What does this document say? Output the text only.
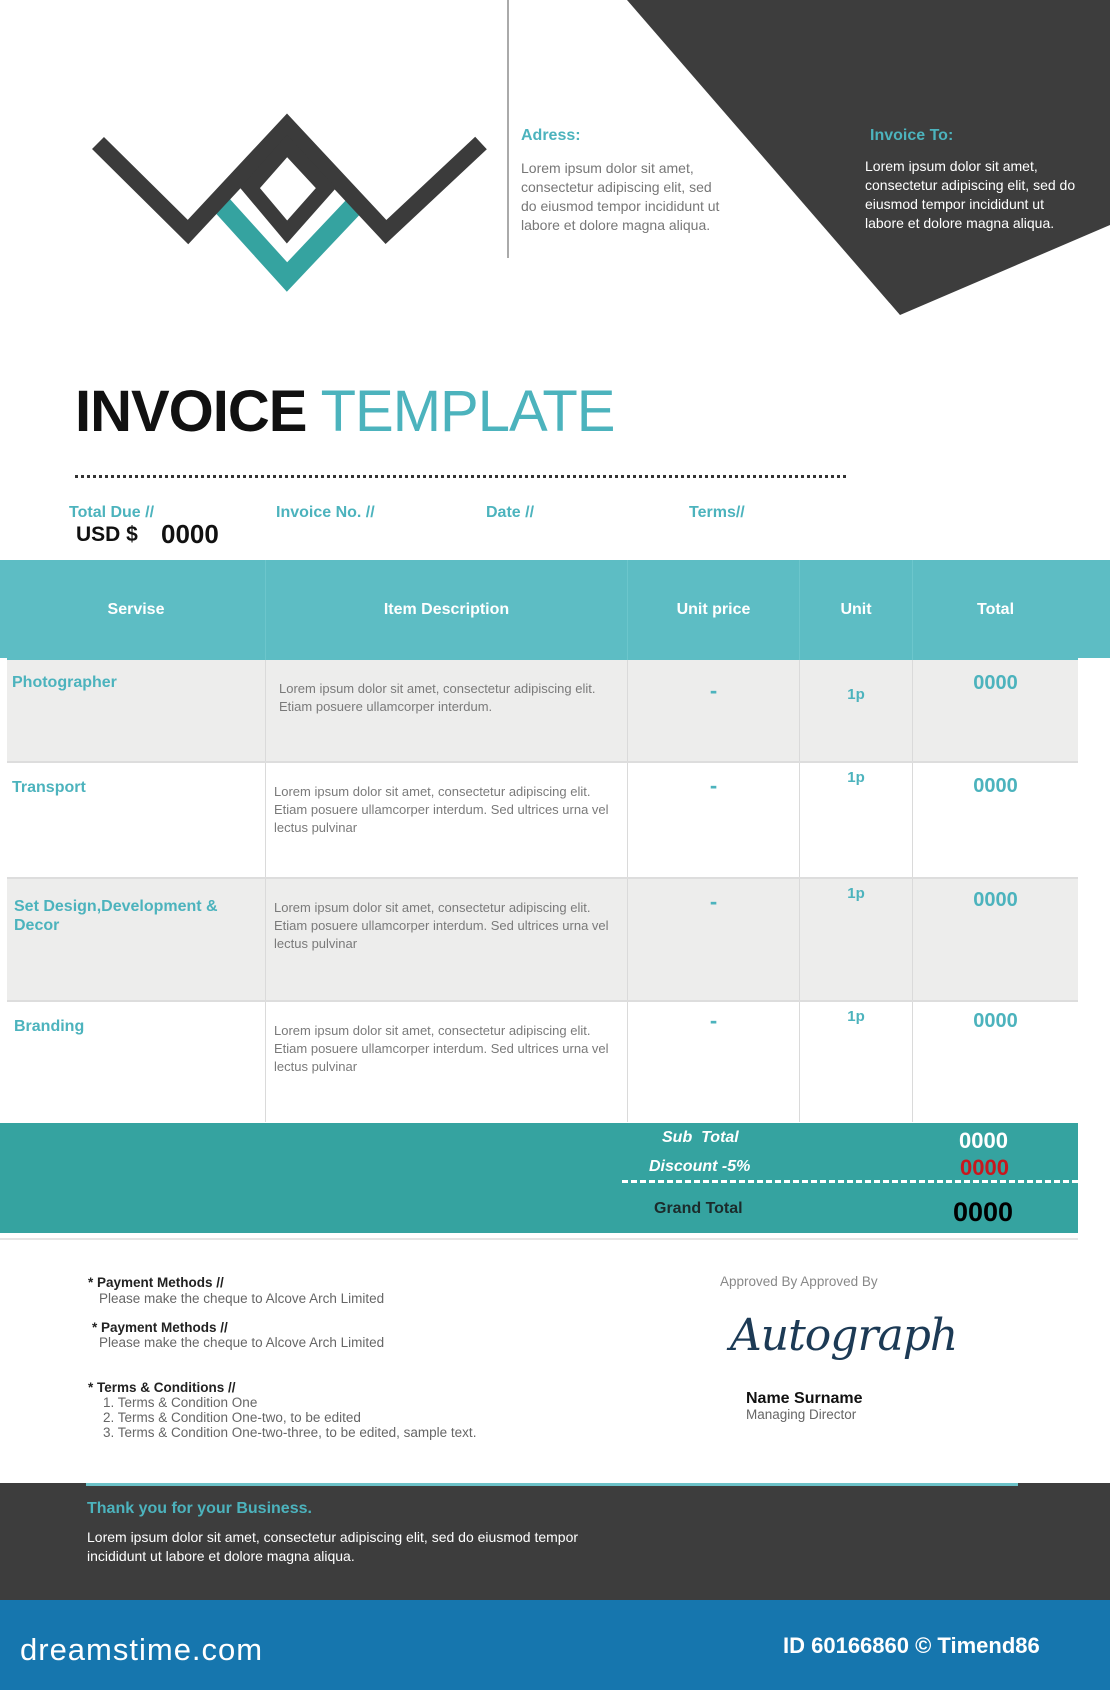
Adress:
Lorem ipsum dolor sit amet, consectetur adipiscing elit, sed do eiusmod tempor incididunt ut labore et dolore magna aliqua.
Invoice To:
Lorem ipsum dolor sit amet, consectetur adipiscing elit, sed do eiusmod tempor incididunt ut labore et dolore magna aliqua.
INVOICE TEMPLATE
Total Due //
USD $ 0000
Invoice No. //	Date //	Terms//
Servise	Item Description	Unit price	Unit	Total
Photographer	Lorem ipsum dolor sit amet, consectetur adipiscing elit. Etiam posuere ullamcorper interdum.	-	1p	0000
Transport	Lorem ipsum dolor sit amet, consectetur adipiscing elit. Etiam posuere ullamcorper interdum. Sed ultrices urna vel lectus pulvinar	-	1p	0000
Set Design,Development & Decor	Lorem ipsum dolor sit amet, consectetur adipiscing elit. Etiam posuere ullamcorper interdum. Sed ultrices urna vel lectus pulvinar	-	1p	0000
Branding	Lorem ipsum dolor sit amet, consectetur adipiscing elit. Etiam posuere ullamcorper interdum. Sed ultrices urna vel lectus pulvinar	-	1p	0000
Sub  Total	0000
Discount -5%	0000
Grand Total	0000
* Payment Methods //
Please make the cheque to Alcove Arch Limited
* Payment Methods //
Please make the cheque to Alcove Arch Limited
* Terms & Conditions //
1. Terms & Condition One
2. Terms & Condition One-two, to be edited
3. Terms & Condition One-two-three, to be edited, sample text.
Approved By Approved By
Autograph
Name Surname
Managing Director
Thank you for your Business.
Lorem ipsum dolor sit amet, consectetur adipiscing elit, sed do eiusmod tempor
incididunt ut labore et dolore magna aliqua.
dreamstime.com	ID 60166860 © Timend86
